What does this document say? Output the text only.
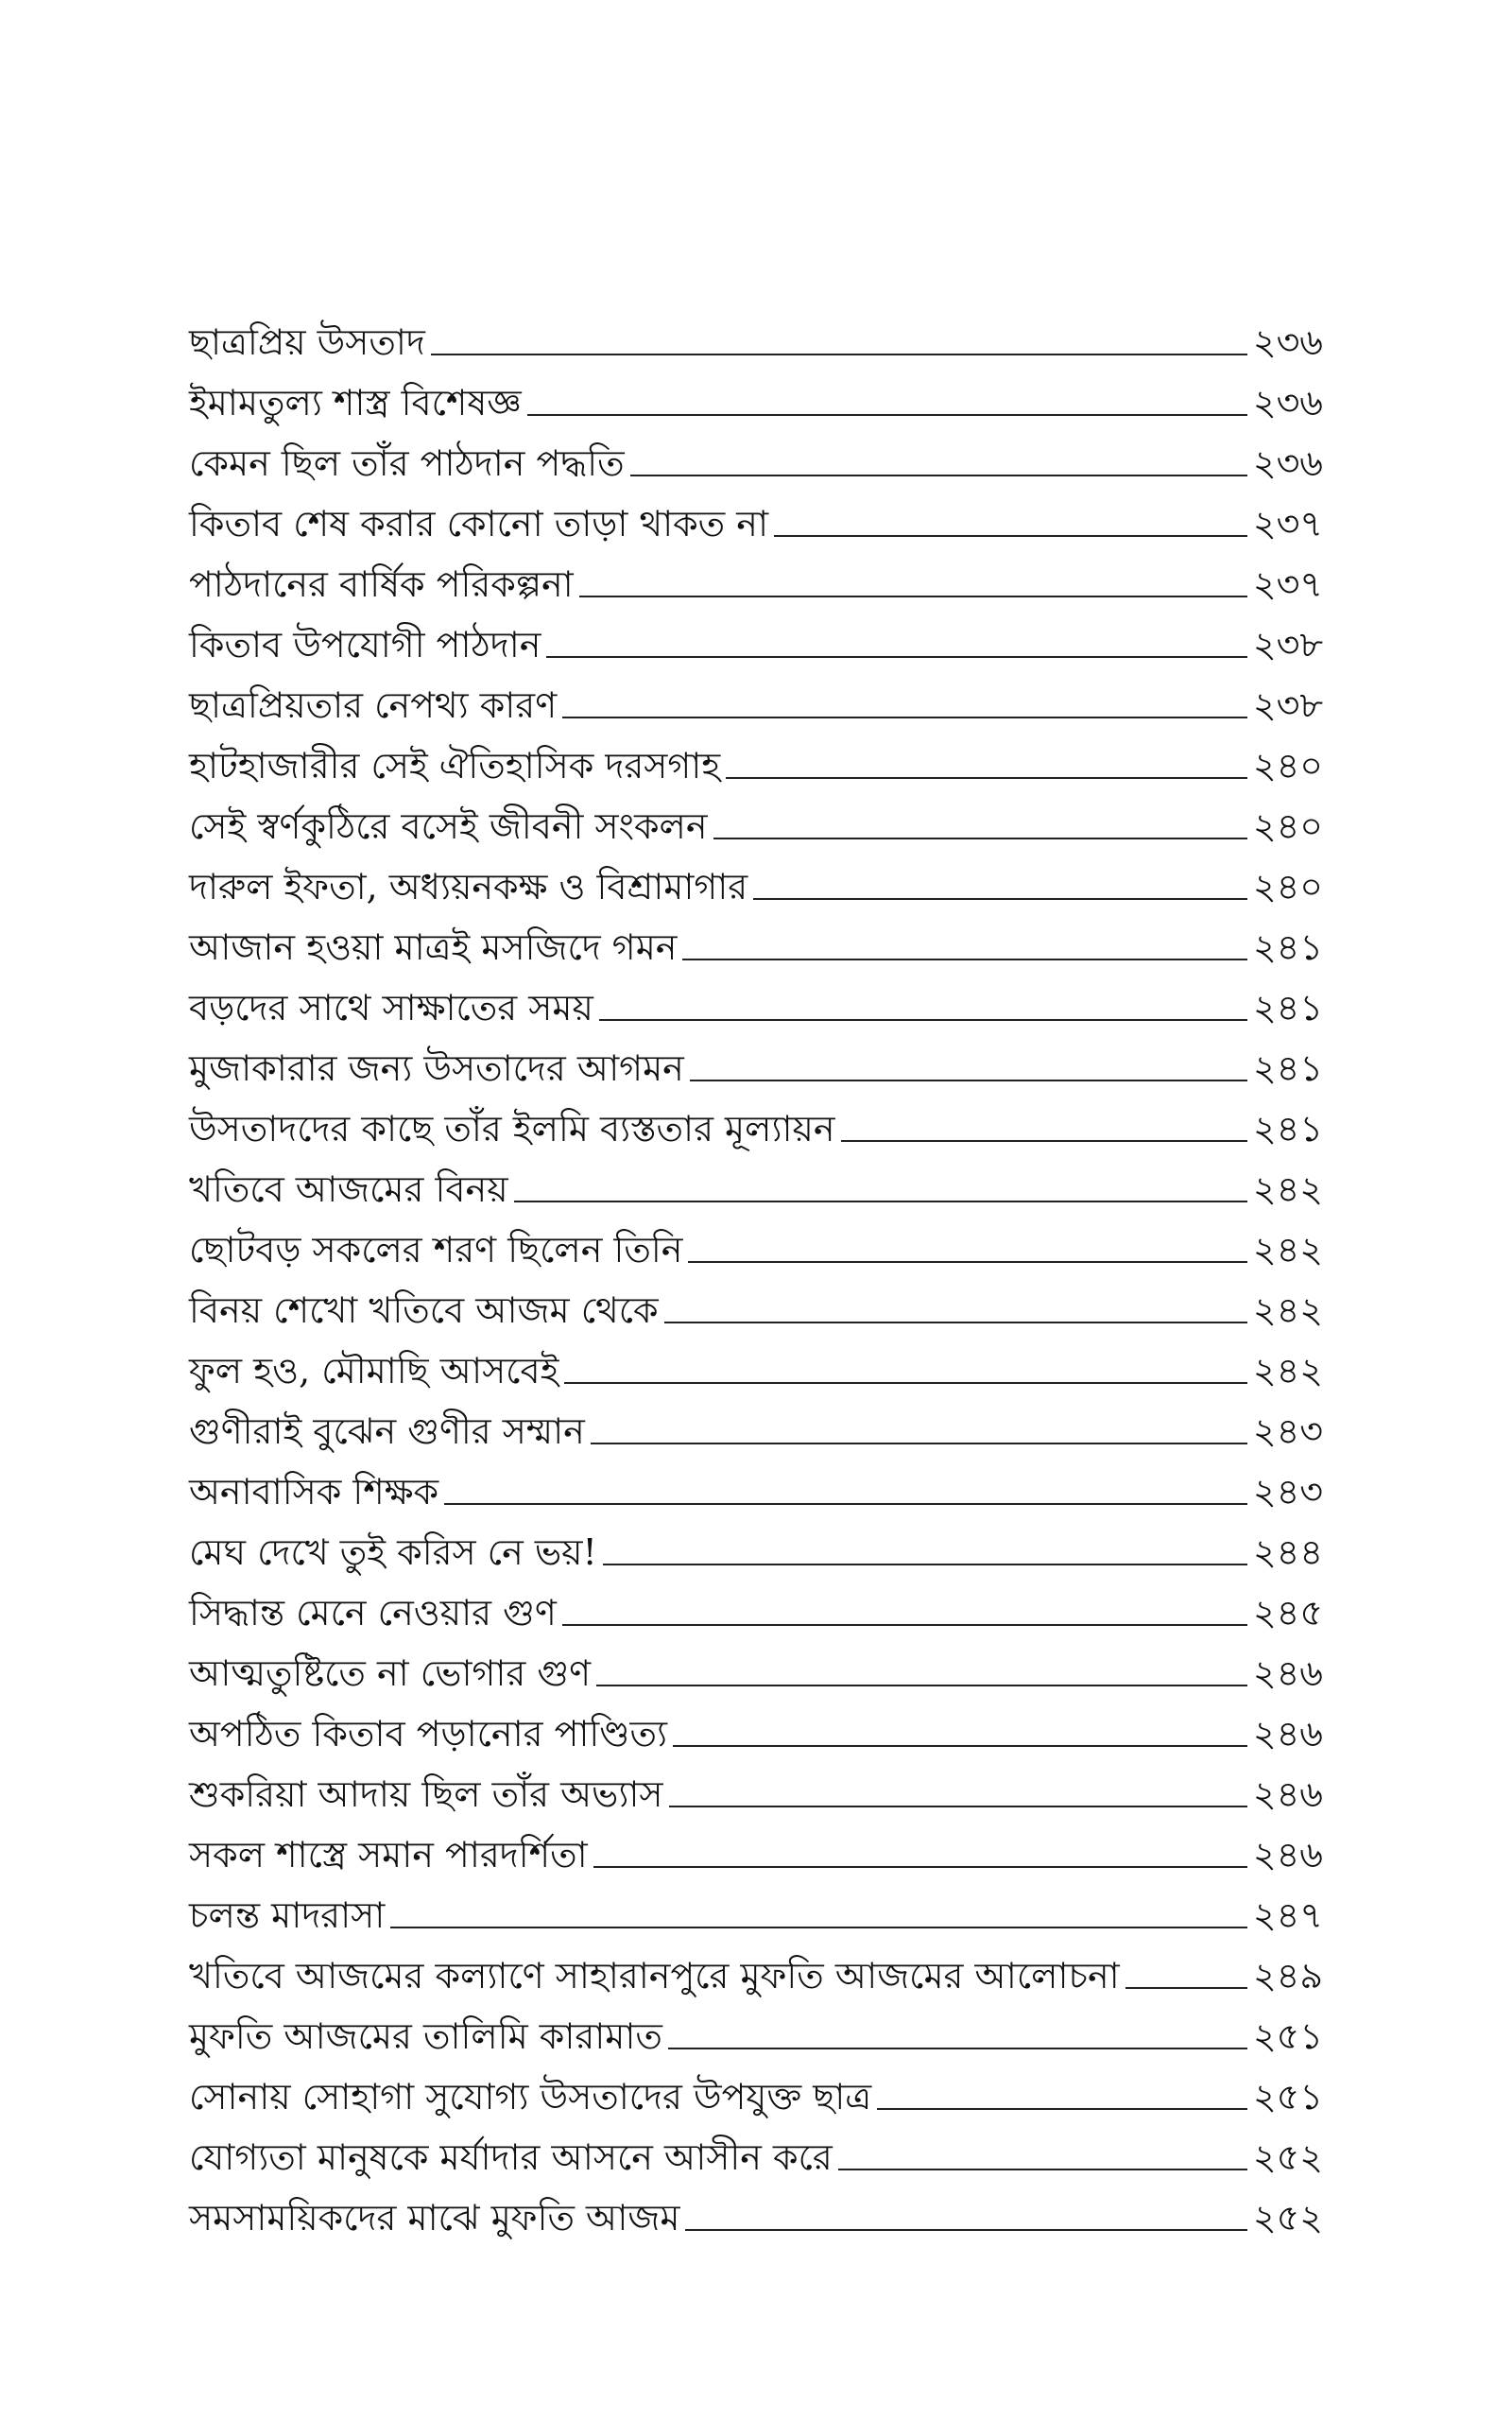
ছাত্রপ্রিয় উসতাদ	২৩৬
ইমামতুল্য শাস্ত্র বিশেষজ্ঞ	২৩৬
কেমন ছিল তাঁর পাঠদান পদ্ধতি	২৩৬
কিতাব শেষ করার কোনো তাড়া থাকত না	২৩৭
পাঠদানের বার্ষিক পরিকল্পনা	২৩৭
কিতাব উপযোগী পাঠদান	২৩৮
ছাত্রপ্রিয়তার নেপথ্য কারণ	২৩৮
হাটহাজারীর সেই ঐতিহাসিক দরসগাহ	২৪০
সেই স্বর্ণকুঠিরে বসেই জীবনী সংকলন	২৪০
দারুল ইফতা, অধ্যয়নকক্ষ ও বিশ্রামাগার	২৪০
আজান হওয়া মাত্রই মসজিদে গমন	২৪১
বড়দের সাথে সাক্ষাতের সময়	২৪১
মুজাকারার জন্য উসতাদের আগমন	২৪১
উসতাদদের কাছে তাঁর ইলমি ব্যস্ততার মূল্যায়ন	২৪১
খতিবে আজমের বিনয়	২৪২
ছোটবড় সকলের শরণ ছিলেন তিনি	২৪২
বিনয় শেখো খতিবে আজম থেকে	২৪২
ফুল হও, মৌমাছি আসবেই	২৪২
গুণীরাই বুঝেন গুণীর সম্মান	২৪৩
অনাবাসিক শিক্ষক	২৪৩
মেঘ দেখে তুই করিস নে ভয়!	২৪৪
সিদ্ধান্ত মেনে নেওয়ার গুণ	২৪৫
আত্মতুষ্টিতে না ভোগার গুণ	২৪৬
অপঠিত কিতাব পড়ানোর পাণ্ডিত্য	২৪৬
শুকরিয়া আদায় ছিল তাঁর অভ্যাস	২৪৬
সকল শাস্ত্রে সমান পারদর্শিতা	২৪৬
চলন্ত মাদরাসা	২৪৭
খতিবে আজমের কল্যাণে সাহারানপুরে মুফতি আজমের আলোচনা	২৪৯
মুফতি আজমের তালিমি কারামাত	২৫১
সোনায় সোহাগা সুযোগ্য উসতাদের উপযুক্ত ছাত্র	২৫১
যোগ্যতা মানুষকে মর্যাদার আসনে আসীন করে	২৫২
সমসাময়িকদের মাঝে মুফতি আজম	২৫২
